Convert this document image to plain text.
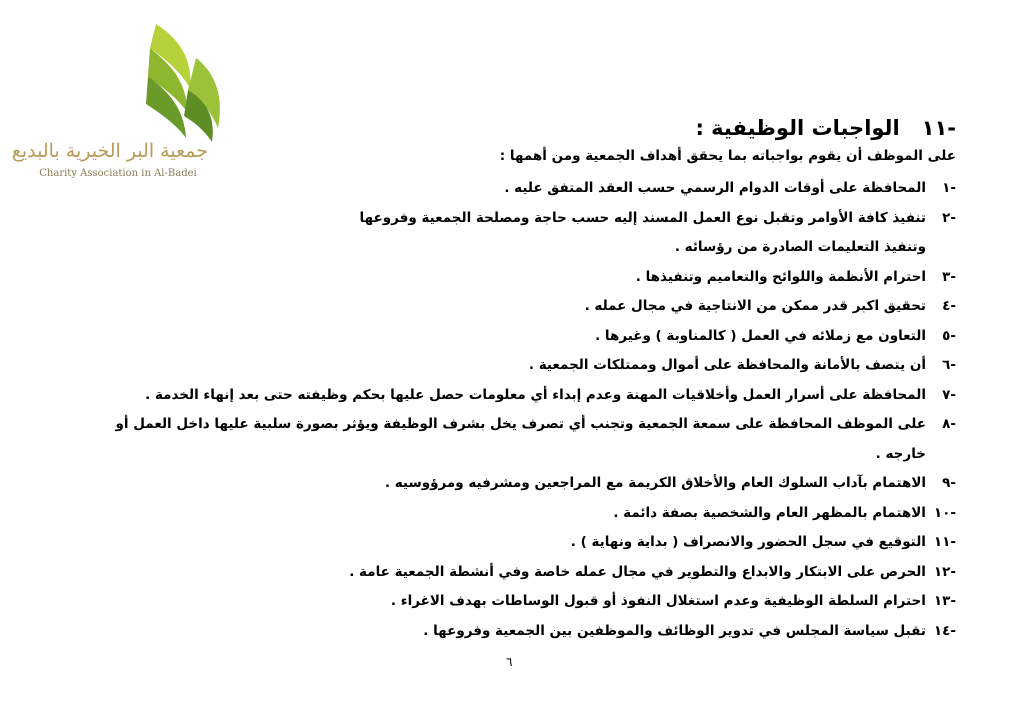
جمعية البر الخيرية بالبديع
Charity Association in Al-Badei
-١١الواجبات الوظيفية :
على الموظف أن يقوم بواجباته بما يحقق أهداف الجمعية ومن أهمها :
-١
المحافظة على أوقات الدوام الرسمي حسب العقد المتفق عليه .
-٢
تنفيذ كافة الأوامر وتقبل نوع العمل المسند إليه حسب حاجة ومصلحة الجمعية وفروعها وتنفيذ التعليمات الصادرة من رؤسائه .
-٣
احترام الأنظمة واللوائح والتعاميم وتنفيذها .
-٤
تحقيق اكبر قدر ممكن من الانتاجية في مجال عمله .
-٥
التعاون مع زملائه في العمل ( كالمناوبة ) وغيرها .
-٦
أن يتصف بالأمانة والمحافظة على أموال وممتلكات الجمعية .
-٧
المحافظة على أسرار العمل وأخلاقيات المهنة وعدم إبداء أي معلومات حصل عليها بحكم وظيفته حتى بعد إنهاء الخدمة .
-٨
على الموظف المحافظة على سمعة الجمعية وتجنب أي تصرف يخل بشرف الوظيفة ويؤثر بصورة سلبية عليها داخل العمل أو خارجه .
-٩
الاهتمام بآداب السلوك العام والأخلاق الكريمة مع المراجعين ومشرفيه ومرؤوسيه .
-١٠
الاهتمام بالمظهر العام والشخصية بصفة دائمة .
-١١
التوقيع في سجل الحضور والانصراف ( بداية ونهاية ) .
-١٢
الحرص على الابتكار والابداع والتطوير في مجال عمله خاصة وفي أنشطة الجمعية عامة .
-١٣
احترام السلطة الوظيفية وعدم استغلال النفوذ أو قبول الوساطات بهدف الاغراء .
-١٤
تقبل سياسة المجلس في تدوير الوظائف والموظفين بين الجمعية وفروعها .
٦
